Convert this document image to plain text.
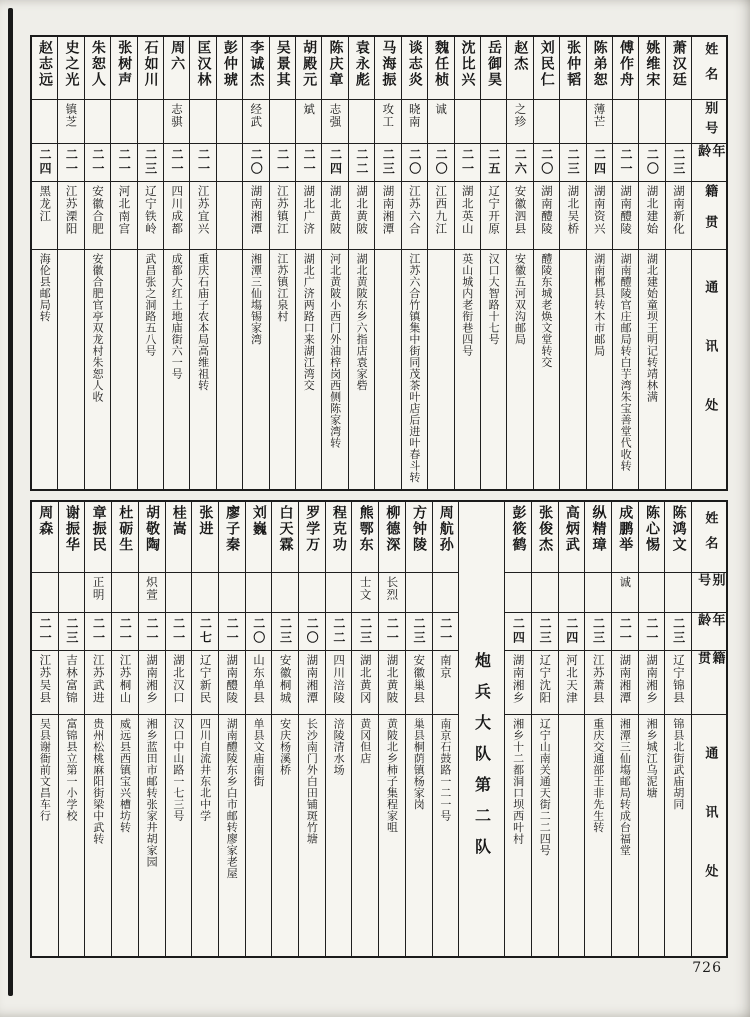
赵志远
二四
黑龙江
海伦县邮局转
史之光
镇芝
二一
江苏溧阳
朱恕人
二一
安徽合肥
安徽合肥官亭双龙村朱恕人收
张树声
二一
河北南宫
石如川
二三
辽宁铁岭
武昌张之洞路五八号
周六
志骐
二一
四川成都
成都大红土地庙街六一号
匡汉林
二一
江苏宜兴
重庆石庙子农本局高维祖转
彭仲琥 李诚杰
经武
二〇
湖南湘潭
湘潭三仙塲锡家湾
吴景其
二一
江苏镇江
江苏镇江泉村
胡殿元
斌
二一
湖北广济
湖北广济两路口来湖江湾交
陈庆章
志强
二四
湖北黄陂
河北黄陂小西门外油梓岗西侧陈家湾转
袁永彪
二二
湖北黄陂
湖北黄陂东乡六指店袁家砦
马海振
攻工
二三
湖南湘潭
谈志炎
晓南
二〇
江苏六合
江苏六合竹镇集中街同茂茶叶店后进叶春斗转
魏任桢
诚
二〇
江西九江
沈比兴
二一
湖北英山
英山城内老衔巷四号
岳御昊
二五
辽宁开原
汉口大智路十七号
赵杰
之珍
二六
安徽泗县
安徽五河双沟邮局
刘民仁
二〇
湖南醴陵
醴陵东城老焕文堂转交
张仲韬
二三
湖北吴桥
陈弟恕
薄芒
二四
湖南资兴
湖南郴县转木市邮局
傅作舟
二一
湖南醴陵
湖南醴陵官庄邮局转白芋湾朱宝善堂代收转
姚维宋
二〇
湖北建始
湖北建始童坝王明记转靖林满
萧汉廷
二三
湖南新化
姓名
别号
年龄
籍贯
通讯处
周森
二一
江苏吴县
吴县谢衙前文昌车行
谢振华
二三
吉林富锦
富锦县立第一小学校
章振民
正明
二一
江苏武进
贵州松桃麻阳街梁中武转
杜砺生
二一
江苏桐山
威远县西镇宝兴槽坊转
胡敬陶
炽萱
二一
湖南湘乡
湘乡蓝田市邮转张家井胡家园
桂嵩
二一
湖北汉口
汉口中山路一七三号
张进
二七
辽宁新民
四川自流井东北中学
廖子秦
二一
湖南醴陵
湖南醴陵东乡白市邮转廖家老屋
刘巍
二〇
山东单县
单县文庙南街
白天霖
二三
安徽桐城
安庆杨溪桥
罗学万
二〇
湖南湘潭
长沙南门外白田铺斑竹塘
程克功
二二
四川涪陵
涪陵清水场
熊鄂东
士文
二三
湖北黄冈
黄冈但店
柳德深
长烈
二一
湖北黄陂
黄陂北乡柿子集程家咀
方钟陵
二三
安徽巢县
巢县桐荫镇杨家岗
周航孙
二一
南京
南京石鼓路一二一号 炮兵大队第二队
彭筱鹤
二四
湖南湘乡
湘乡十二都洞口坝西叶村
张俊杰
二三
辽宁沈阳
辽宁山南关通天街二二四号
高炳武
二四
河北天津
纵精璋
二三
江苏萧县
重庆交通部王非先生转
成鹏举
诚
二一
湖南湘潭
湘潭三仙塲邮局转成台福堂
陈心惕
二一
湖南湘乡
湘乡城江乌泥塘
陈鸿文
二三
辽宁锦县
锦县北街武庙胡同
姓名
别号
年龄
籍贯
通讯处
726
